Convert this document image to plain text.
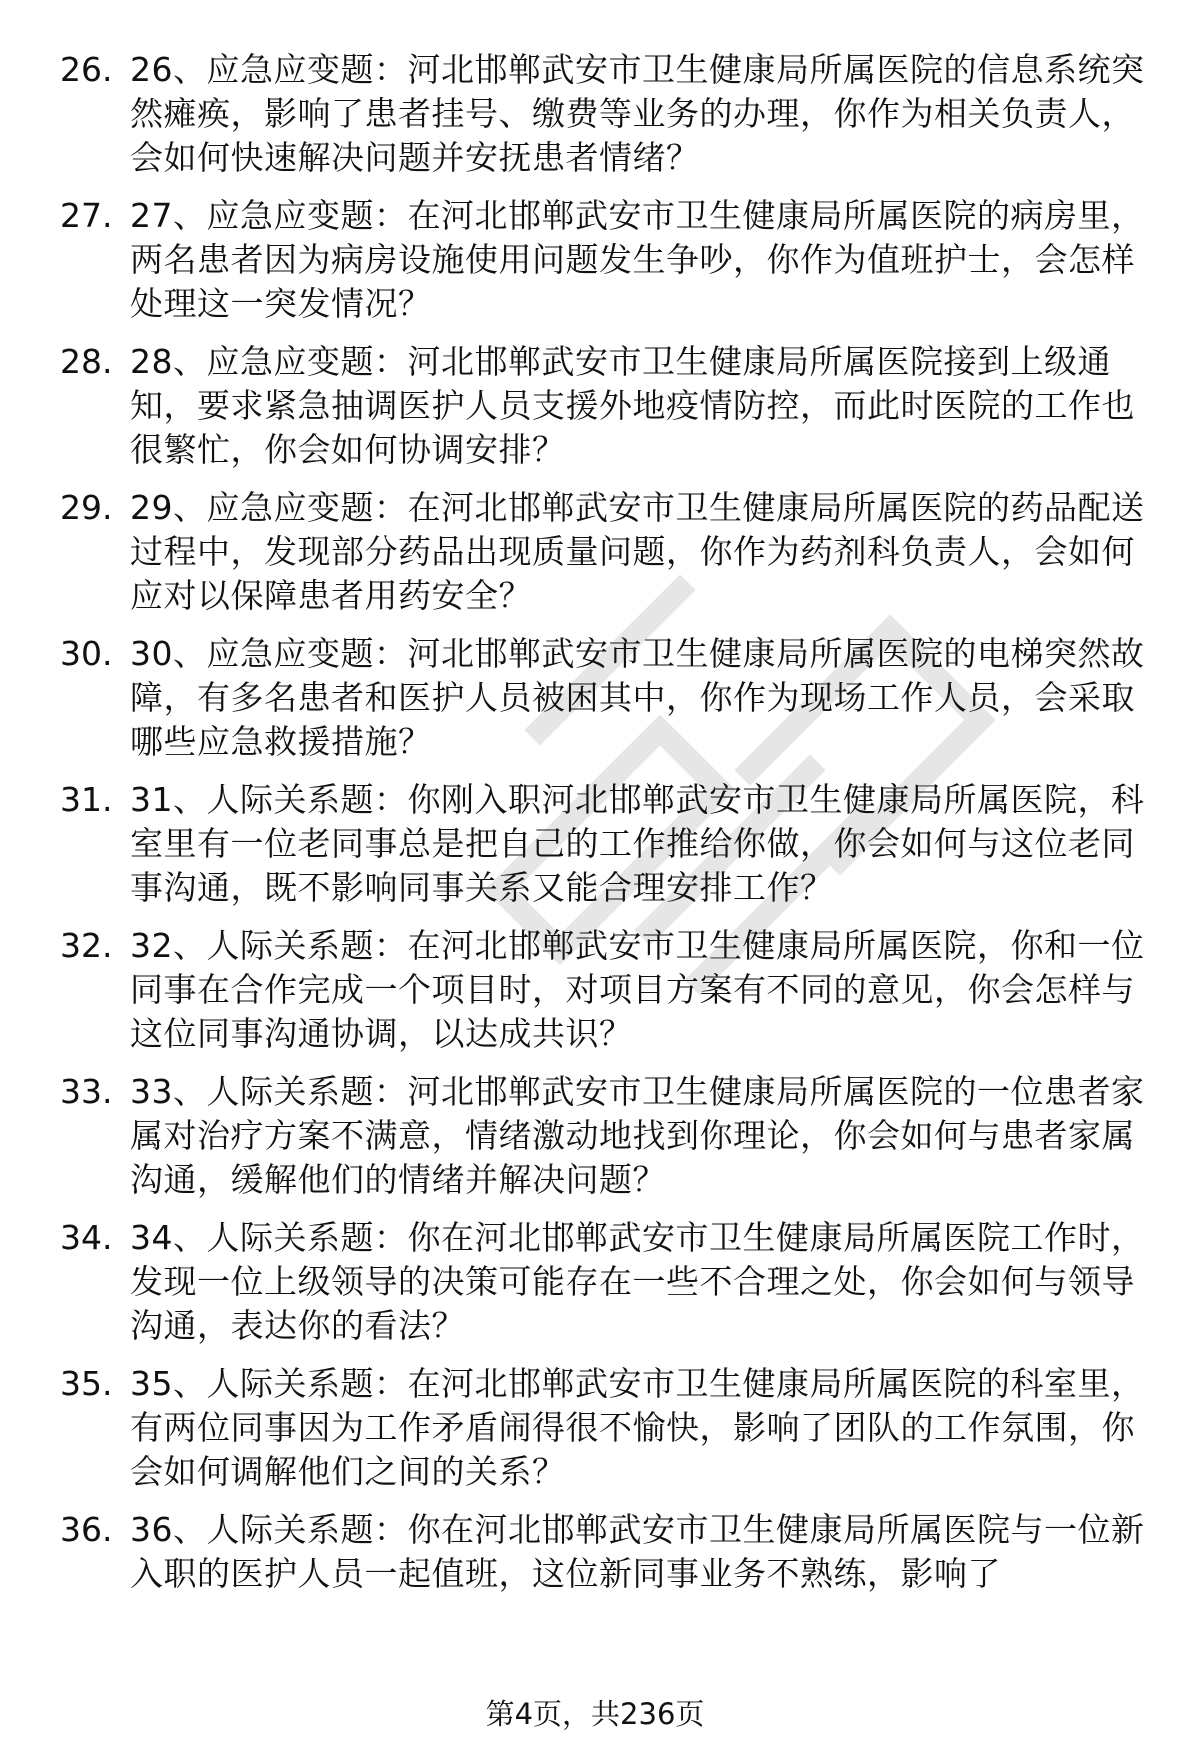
26. 26、应急应变题：河北邯郸武安市卫生健康局所属医院的信息系统突然瘫痪，影响了患者挂号、缴费等业务的办理，你作为相关负责人，会如何快速解决问题并安抚患者情绪？
27. 27、应急应变题：在河北邯郸武安市卫生健康局所属医院的病房里，两名患者因为病房设施使用问题发生争吵，你作为值班护士，会怎样处理这一突发情况？
28. 28、应急应变题：河北邯郸武安市卫生健康局所属医院接到上级通知，要求紧急抽调医护人员支援外地疫情防控，而此时医院的工作也很繁忙，你会如何协调安排？
29. 29、应急应变题：在河北邯郸武安市卫生健康局所属医院的药品配送过程中，发现部分药品出现质量问题，你作为药剂科负责人，会如何应对以保障患者用药安全？
30. 30、应急应变题：河北邯郸武安市卫生健康局所属医院的电梯突然故障，有多名患者和医护人员被困其中，你作为现场工作人员，会采取哪些应急救援措施？
31. 31、人际关系题：你刚入职河北邯郸武安市卫生健康局所属医院，科室里有一位老同事总是把自己的工作推给你做，你会如何与这位老同事沟通，既不影响同事关系又能合理安排工作？
32. 32、人际关系题：在河北邯郸武安市卫生健康局所属医院，你和一位同事在合作完成一个项目时，对项目方案有不同的意见，你会怎样与这位同事沟通协调，以达成共识？
33. 33、人际关系题：河北邯郸武安市卫生健康局所属医院的一位患者家属对治疗方案不满意，情绪激动地找到你理论，你会如何与患者家属沟通，缓解他们的情绪并解决问题？
34. 34、人际关系题：你在河北邯郸武安市卫生健康局所属医院工作时，发现一位上级领导的决策可能存在一些不合理之处，你会如何与领导沟通，表达你的看法？
35. 35、人际关系题：在河北邯郸武安市卫生健康局所属医院的科室里，有两位同事因为工作矛盾闹得很不愉快，影响了团队的工作氛围，你会如何调解他们之间的关系？
36. 36、人际关系题：你在河北邯郸武安市卫生健康局所属医院与一位新入职的医护人员一起值班，这位新同事业务不熟练，影响了
第4页，共236页
